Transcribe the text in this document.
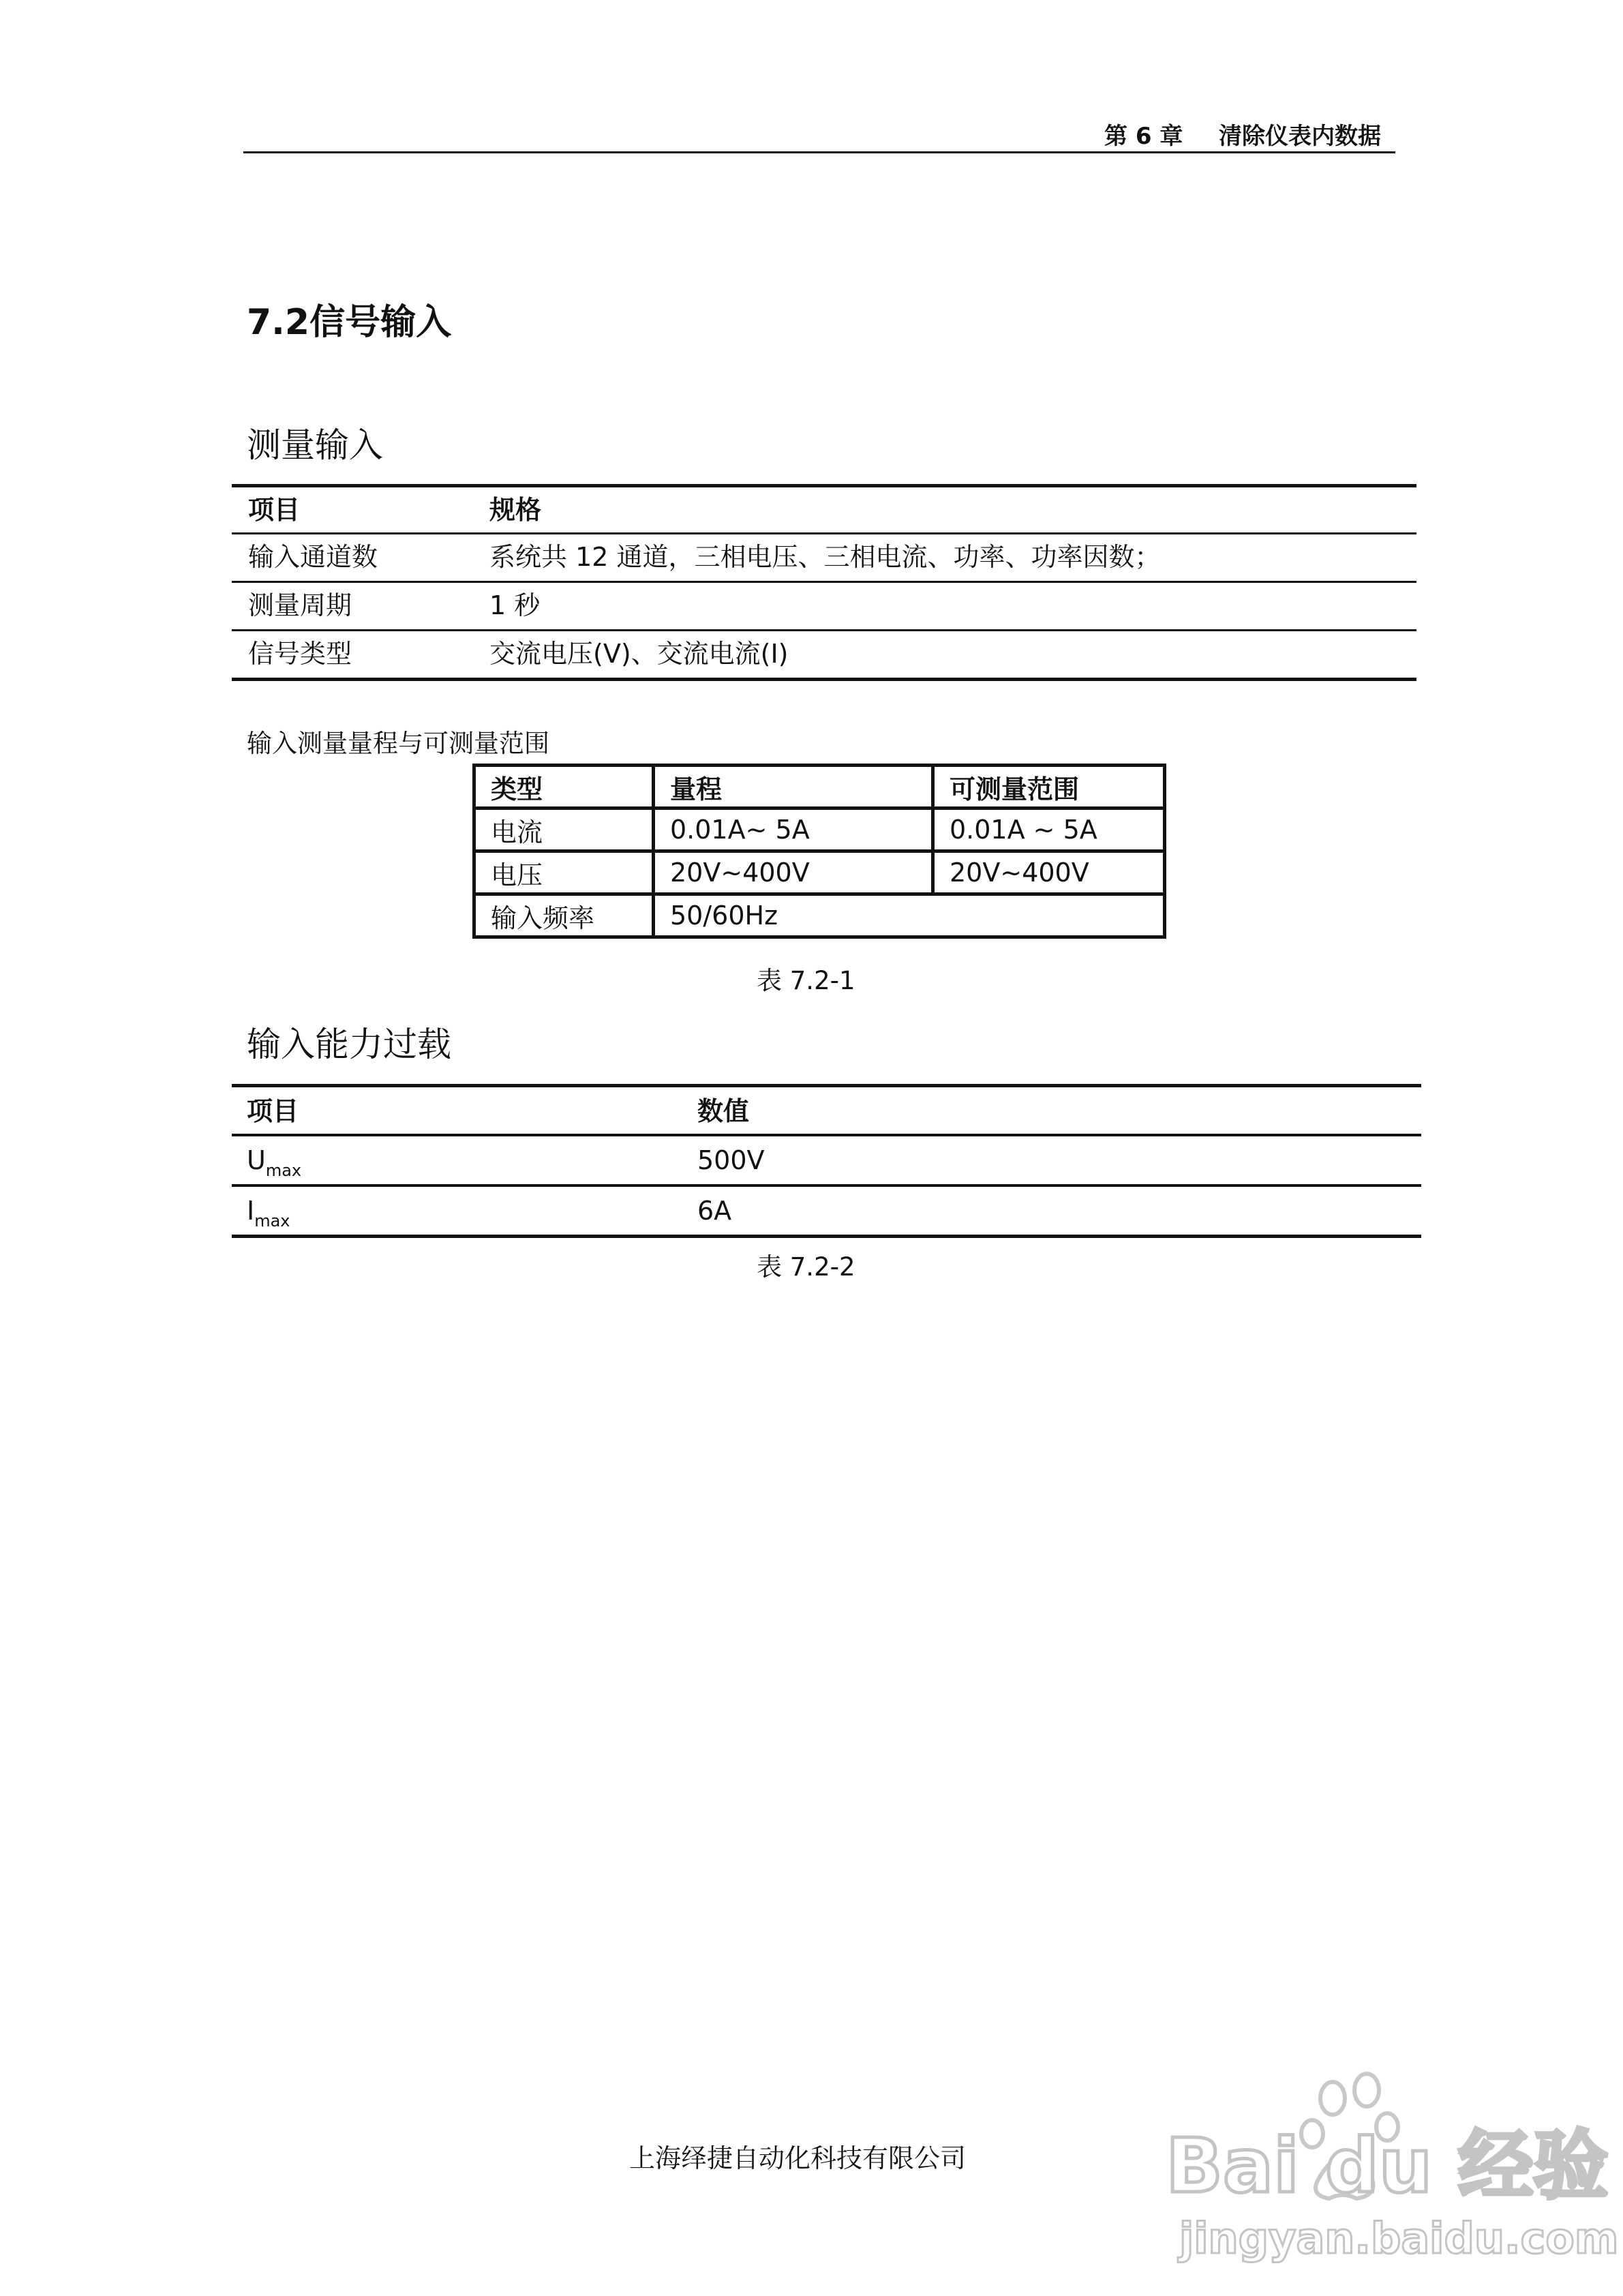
第 6 章 清除仪表内数据
7.2信号输入
测量输入
项目	规格
输入通道数	系统共 12 通道，三相电压、三相电流、功率、功率因数；
测量周期	1 秒
信号类型	交流电压(V)、交流电流(I)
输入测量量程与可测量范围
类型	量程	可测量范围
电流	0.01A~ 5A	0.01A ~ 5A
电压	20V~400V	20V~400V
输入频率	50/60Hz	
表 7.2-1
输入能力过载
项目	数值
$U_{max}$	500V
$I_{max}$	6A
表 7.2-2
上海绎捷自动化科技有限公司	Bai du 经验
jingyan.baidu.com
